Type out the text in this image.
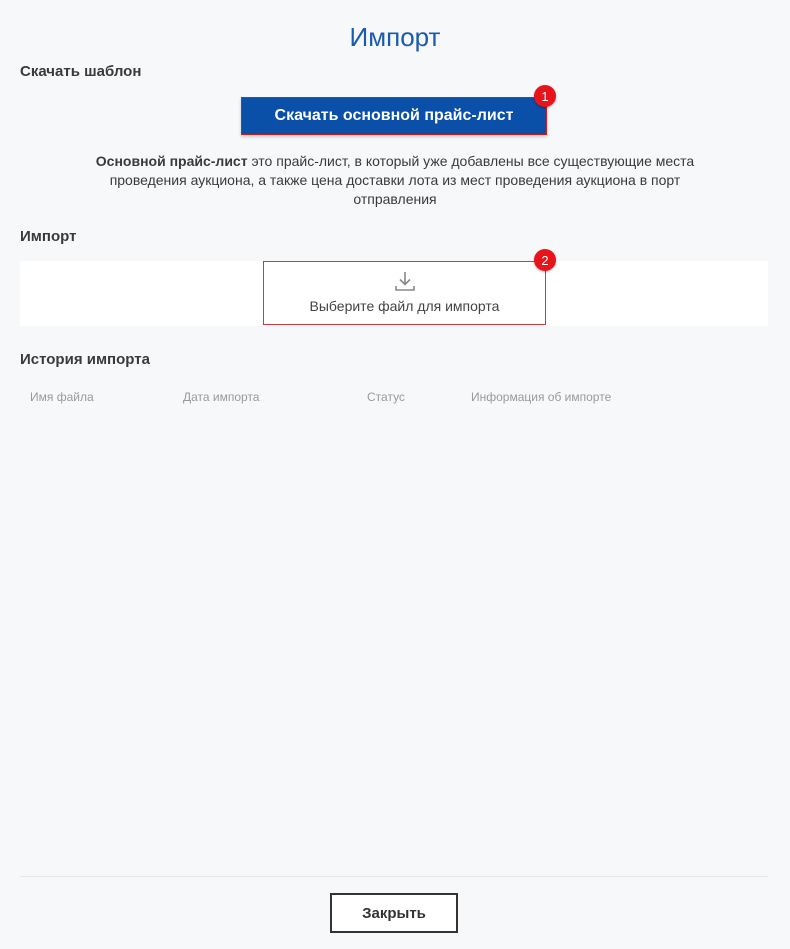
Импорт
Скачать шаблон
Скачать основной прайс-лист
1
Основной прайс-лист это прайс-лист, в который уже добавлены все существующие места проведения аукциона, а также цена доставки лота из мест проведения аукциона в порт отправления
Импорт
Выберите файл для импорта
2
История импорта
Имя файла	Дата импорта	Статус	Информация об импорте
Закрыть
